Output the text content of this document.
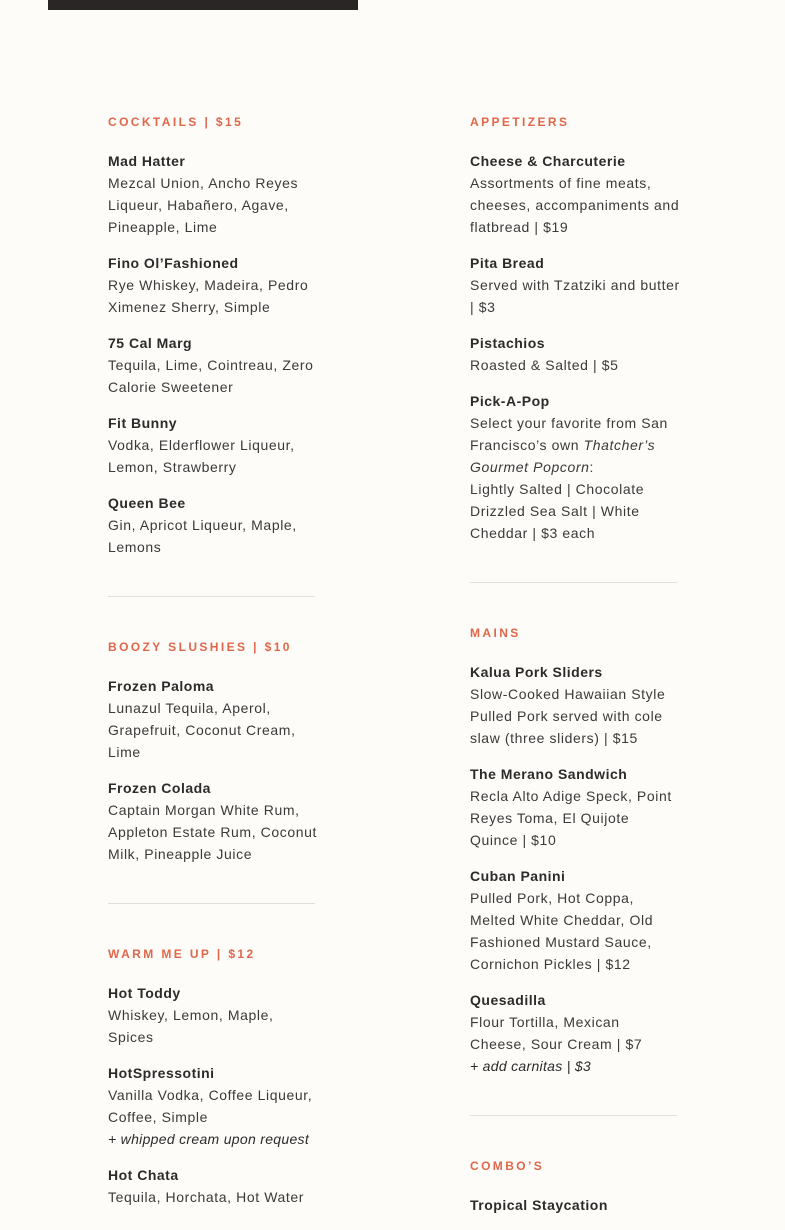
COCKTAILS | $15
Mad Hatter
Mezcal Union, Ancho Reyes Liqueur, Habañero, Agave, Pineapple, Lime
Fino Ol’Fashioned
Rye Whiskey, Madeira, Pedro Ximenez Sherry, Simple
75 Cal Marg
Tequila, Lime, Cointreau, Zero Calorie Sweetener
Fit Bunny
Vodka, Elderflower Liqueur, Lemon, Strawberry
Queen Bee
Gin, Apricot Liqueur, Maple, Lemons
BOOZY SLUSHIES | $10
Frozen Paloma
Lunazul Tequila, Aperol, Grapefruit, Coconut Cream, Lime
Frozen Colada
Captain Morgan White Rum, Appleton Estate Rum, Coconut Milk, Pineapple Juice
WARM ME UP | $12
Hot Toddy
Whiskey, Lemon, Maple, Spices
HotSpressotini
Vanilla Vodka, Coffee Liqueur, Coffee, Simple
+ whipped cream upon request
Hot Chata
Tequila, Horchata, Hot Water
APPETIZERS
Cheese & Charcuterie
Assortments of fine meats, cheeses, accompaniments and flatbread | $19
Pita Bread
Served with Tzatziki and butter | $3
Pistachios
Roasted & Salted | $5
Pick-A-Pop
Select your favorite from San Francisco’s own Thatcher’s Gourmet Popcorn:
Lightly Salted | Chocolate Drizzled Sea Salt | White Cheddar | $3 each
MAINS
Kalua Pork Sliders
Slow-Cooked Hawaiian Style Pulled Pork served with cole slaw (three sliders) | $15
The Merano Sandwich
Recla Alto Adige Speck, Point Reyes Toma, El Quijote Quince | $10
Cuban Panini
Pulled Pork, Hot Coppa, Melted White Cheddar, Old Fashioned Mustard Sauce, Cornichon Pickles | $12
Quesadilla
Flour Tortilla, Mexican Cheese, Sour Cream | $7
+ add carnitas | $3
COMBO’S
Tropical Staycation
